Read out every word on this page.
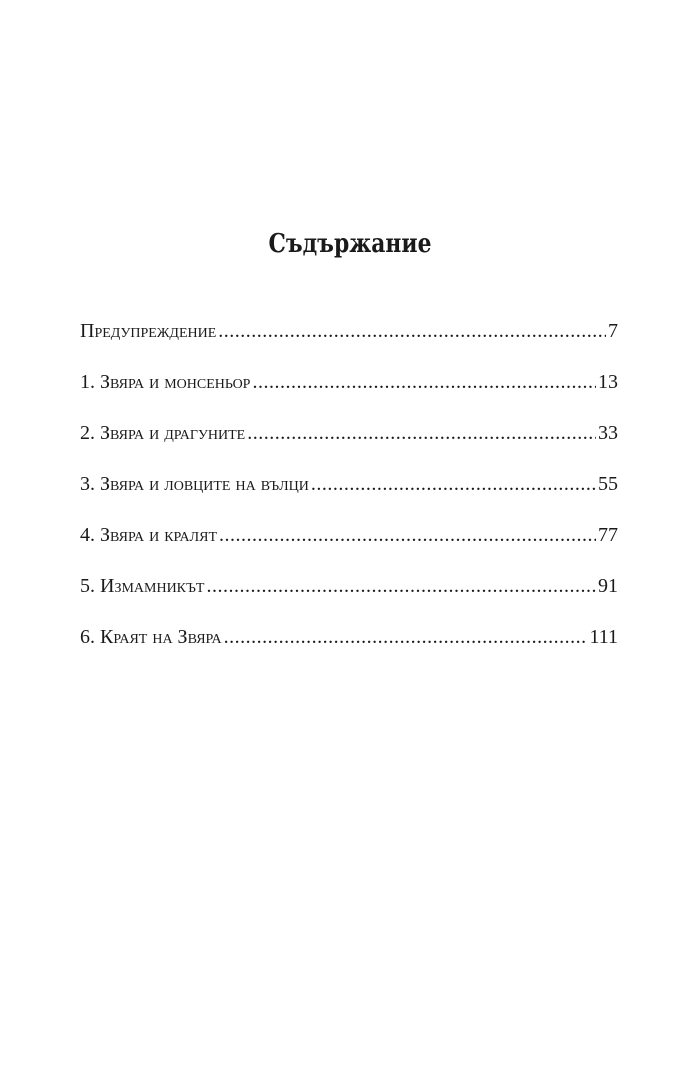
Съдържание
Предупреждение .....	7
1. Звяра и монсеньор .....	13
2. Звяра и драгуните .....	33
3. Звяра и ловците на вълци .....	55
4. Звяра и кралят .....	77
5. Измамникът .....	91
6. Краят на Звяра .....	111
